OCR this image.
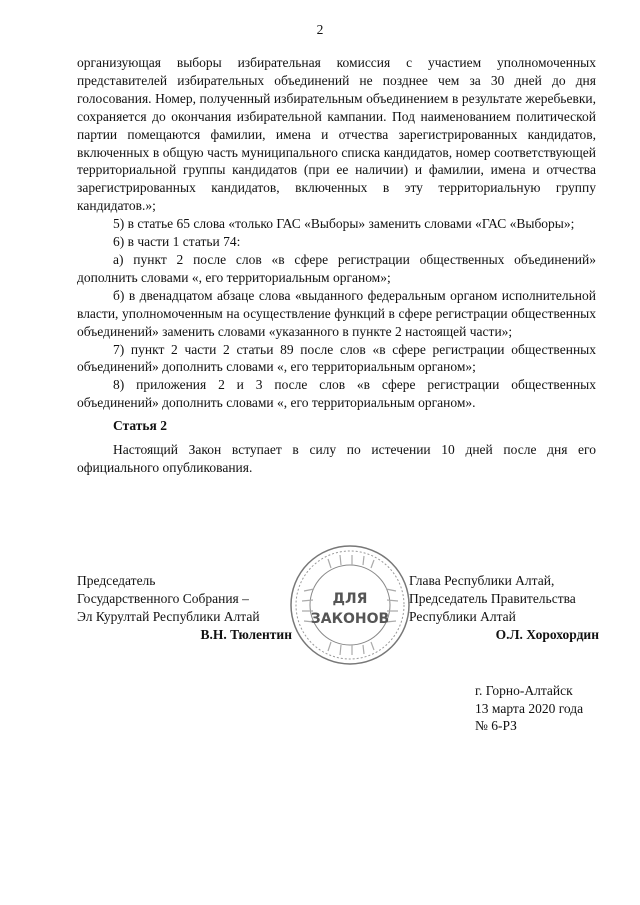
2

организующая выборы избирательная комиссия с участием уполномоченных представителей избирательных объединений не позднее чем за 30 дней до дня голосования. Номер, полученный избирательным объединением в результате жеребьевки, сохраняется до окончания избирательной кампании. Под наименованием политической партии помещаются фамилии, имена и отчества зарегистрированных кандидатов, включенных в общую часть муниципального списка кандидатов, номер соответствующей территориальной группы кандидатов (при ее наличии) и фамилии, имена и отчества зарегистрированных кандидатов, включенных в эту территориальную группу кандидатов.»;

5) в статье 65 слова «только ГАС «Выборы» заменить словами «ГАС «Выборы»;

6) в части 1 статьи 74:

а) пункт 2 после слов «в сфере регистрации общественных объединений» дополнить словами «, его территориальным органом»;

б) в двенадцатом абзаце слова «выданного федеральным органом исполнительной власти, уполномоченным на осуществление функций в сфере регистрации общественных объединений» заменить словами «указанного в пункте 2 настоящей части»;

7) пункт 2 части 2 статьи 89 после слов «в сфере регистрации общественных объединений» дополнить словами «, его территориальным органом»;

8) приложения 2 и 3 после слов «в сфере регистрации общественных объединений» дополнить словами «, его территориальным органом».

Статья 2

Настоящий Закон вступает в силу по истечении 10 дней после дня его официального опубликования.

Председатель
Государственного Собрания –
Эл Курултай Республики Алтай
В.Н. Тюлентин
ДЛЯ
ЗАКОНОВ
Глава Республики Алтай,
Председатель Правительства
Республики Алтай
О.Л. Хорохордин
г. Горно-Алтайск
13 марта 2020 года
№ 6-РЗ
